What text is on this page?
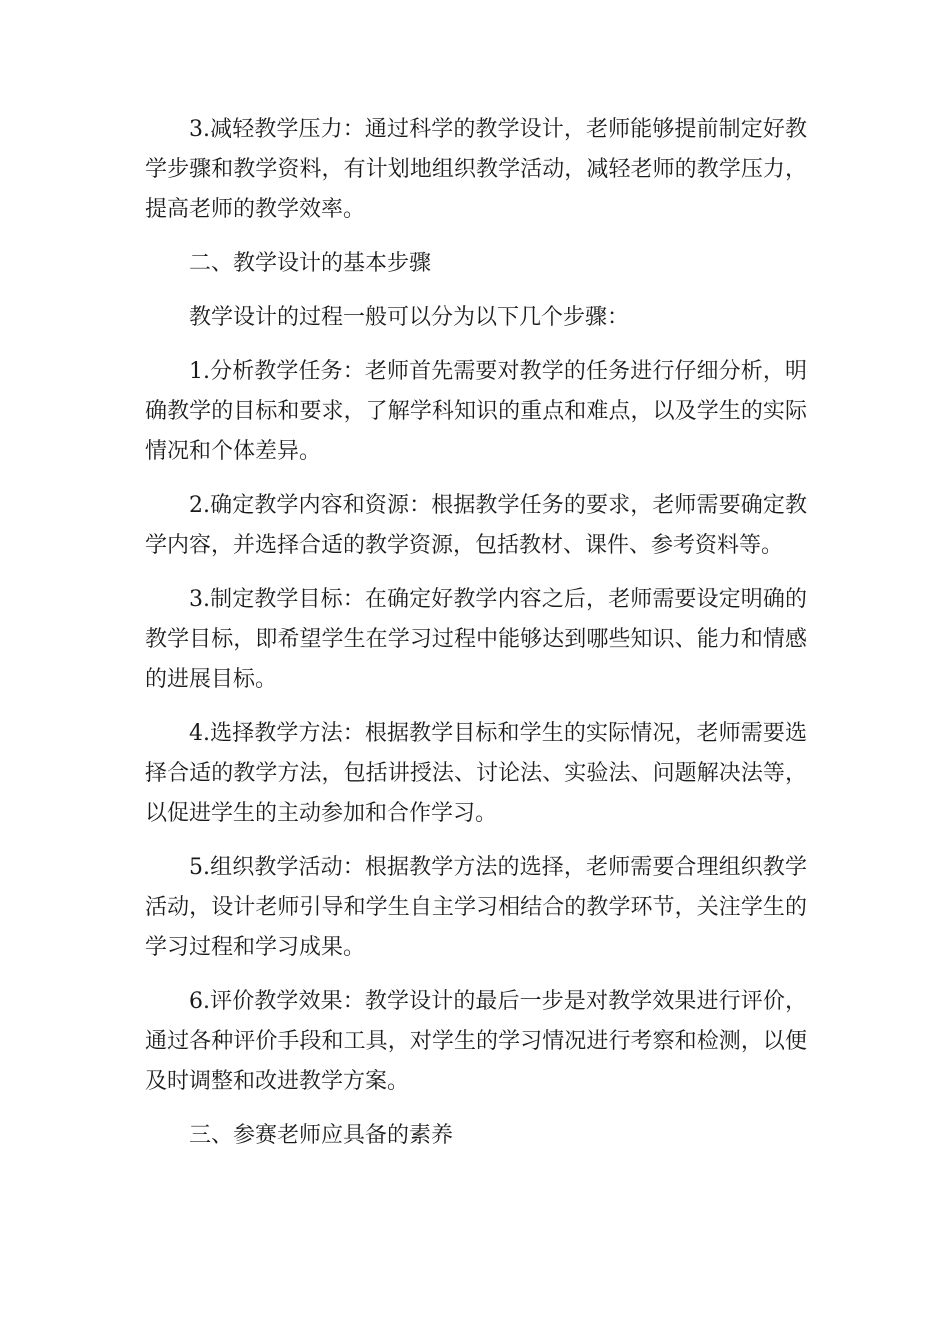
3.减轻教学压力：通过科学的教学设计，老师能够提前制定好教学步骤和教学资料，有计划地组织教学活动，减轻老师的教学压力，提高老师的教学效率。

二、教学设计的基本步骤

教学设计的过程一般可以分为以下几个步骤：

1.分析教学任务：老师首先需要对教学的任务进行仔细分析，明确教学的目标和要求，了解学科知识的重点和难点，以及学生的实际情况和个体差异。

2.确定教学内容和资源：根据教学任务的要求，老师需要确定教学内容，并选择合适的教学资源，包括教材、课件、参考资料等。

3.制定教学目标：在确定好教学内容之后，老师需要设定明确的教学目标，即希望学生在学习过程中能够达到哪些知识、能力和情感的进展目标。

4.选择教学方法：根据教学目标和学生的实际情况，老师需要选择合适的教学方法，包括讲授法、讨论法、实验法、问题解决法等，以促进学生的主动参加和合作学习。

5.组织教学活动：根据教学方法的选择，老师需要合理组织教学活动，设计老师引导和学生自主学习相结合的教学环节，关注学生的学习过程和学习成果。

6.评价教学效果：教学设计的最后一步是对教学效果进行评价，通过各种评价手段和工具，对学生的学习情况进行考察和检测，以便及时调整和改进教学方案。

三、参赛老师应具备的素养
